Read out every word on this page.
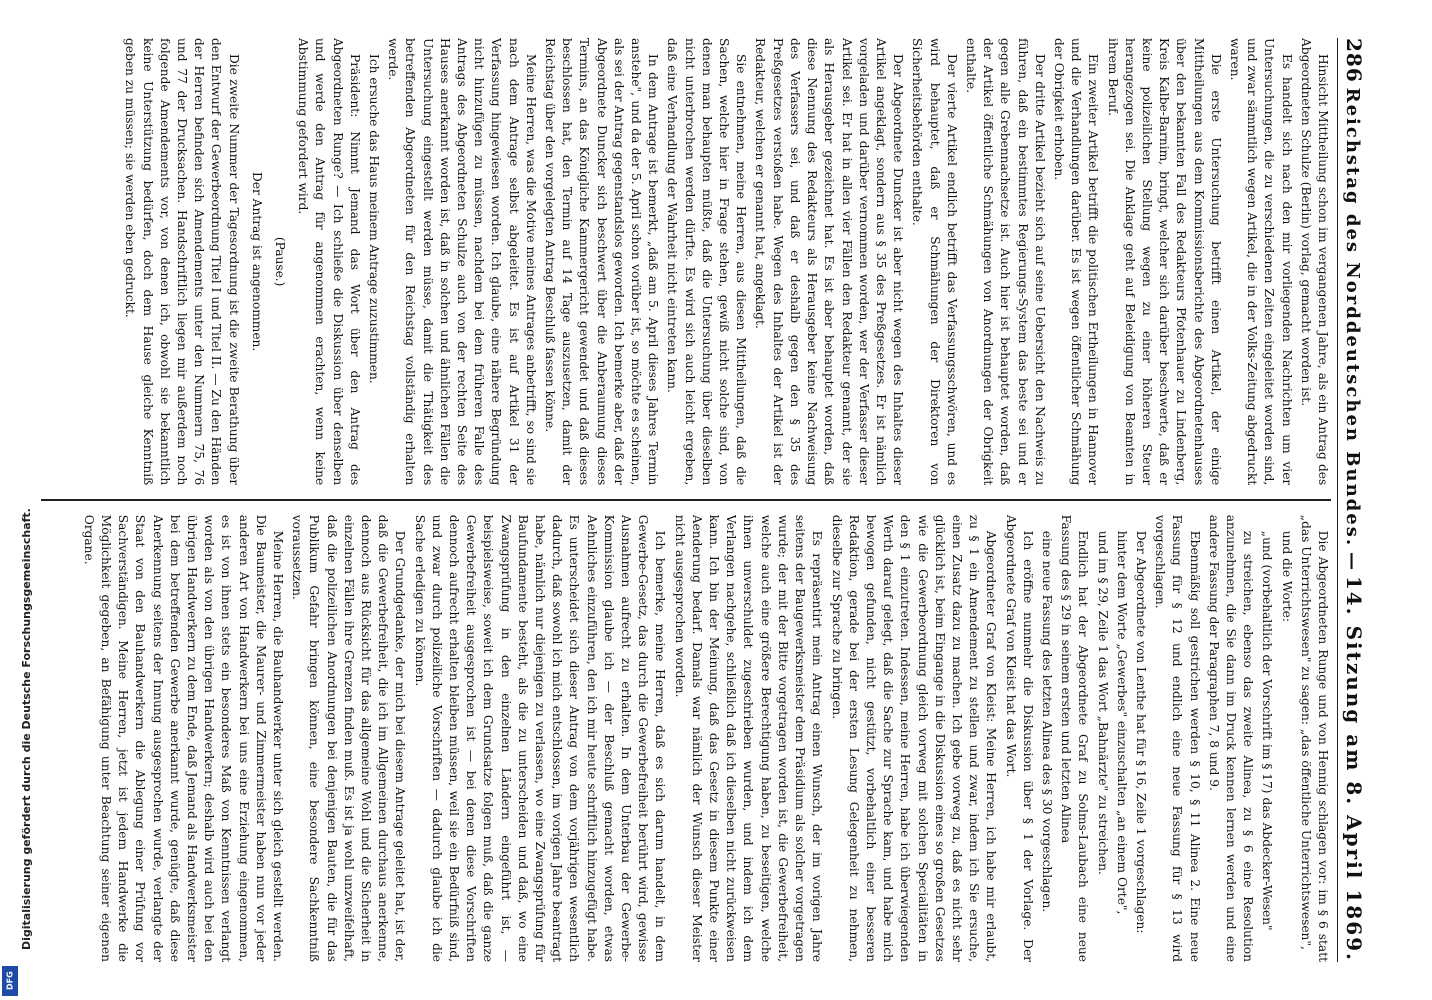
286
Reichstag des Norddeutschen Bundes.
—
14. Sitzung am 8. April 1869.

Hinsicht Mittheilung schon im vergangenen Jahre, als ein Antrag des Abgeordneten Schulze (Berlin) vorlag, gemacht worden ist.

Es handelt sich nach den mir vorliegenden Nachrichten um vier Untersuchungen, die zu verschiedenen Zeiten eingeleitet worden sind, und zwar sämmtlich wegen Artikel, die in der Volks-Zeitung abgedruckt waren.

Die erste Untersuchung betrifft einen Artikel, der einige Mittheilungen aus dem Kommissionsberichte des Abgeordnetenhauses über den bekannten Fall des Redakteurs Pfotenhauer zu Lindenberg, Kreis Kalbe-Barnim, bringt, welcher sich darüber beschwerte, daß er keine polizeilichen Stellung wegen zu einer höheren Steuer herangezogen sei. Die Anklage geht auf Beleidigung von Beamten in ihrem Beruf.

Ein zweiter Artikel betrifft die politischen Ertheilungen in Hannover und die Verhandlungen darüber. Es ist wegen öffentlicher Schmähung der Obrigkeit erhoben.

Der dritte Artikel bezieht sich auf seine Uebersicht den Nachweis zu führen, daß ein bestimmtes Regierungs-System das beste sei und er gegen alle Grebennachsetze ist. Auch hier ist behauptet worden, daß der Artikel öffentliche Schmähungen von Anordnungen der Obrigkeit enthalte.

Der vierte Artikel endlich betrifft das Verfassungsschwören, und es wird behauptet, daß er Schmähungen der Direktoren von Sicherheitsbehörden enthalte.

Der Abgeordnete Duncker ist aber nicht wegen des Inhaltes dieser Artikel angeklagt, sondern aus § 35 des Preßgesetzes. Er ist nämlich vorgeladen und darüber vernommen worden, wer der Verfasser dieser Artikel sei. Er hat in allen vier Fällen den Redakteur genannt, der sie als Herausgeber gezeichnet hat. Es ist aber behauptet worden, daß diese Nennung des Redakteurs als Herausgeber keine Nachweisung des Verfassers sei, und daß er deshalb gegen den § 35 des Preßgesetzes verstoßen habe. Wegen des Inhaltes der Artikel ist der Redakteur, welchen er genannt hat, angeklagt.

Sie entnehmen, meine Herren, aus diesen Mittheilungen, daß die Sachen, welche hier in Frage stehen, gewiß nicht solche sind, von denen man behaupten müßte, daß die Untersuchung über dieselben nicht unterbrochen werden dürfte. Es wird sich auch leicht ergeben, daß eine Verhandlung der Wahrheit nicht eintreten kann.

In dem Antrage ist bemerkt, „daß am 5. April dieses Jahres Termin anstehe", und da der 5. April schon vorüber ist, so möchte es scheinen, als sei der Antrag gegenstandslos geworden. Ich bemerke aber, daß der Abgeordnete Duncker sich beschwert über die Anberaumung dieses Termins, an das Königliche Kammergericht gewendet und daß dieses beschlossen hat, den Termin auf 14 Tage auszusetzen, damit der Reichstag über den vorgelegten Antrag Beschluß fassen könne.

Meine Herren, was die Motive meines Antrages anbetrifft, so sind sie nach dem Antrage selbst abgeleitet. Es ist auf Artikel 31 der Verfassung hingewiesen worden. Ich glaube, eine nähere Begründung nicht hinzufügen zu müssen, nachdem bei dem früheren Falle des Antrags des Abgeordneten Schulze auch von der rechten Seite des Hauses anerkannt worden ist, daß in solchen und ähnlichen Fällen die Untersuchung eingestellt werden müsse, damit die Thätigkeit des betreffenden Abgeordneten für den Reichstag vollständig erhalten werde.

Ich ersuche das Haus meinem Antrage zuzustimmen.

Präsident: Nimmt Jemand das Wort über den Antrag des Abgeordneten Runge? — Ich schließe die Diskussion über denselben und werde den Antrag für angenommen erachten, wenn keine Abstimmung gefordert wird.

(Pause.)

Der Antrag ist angenommen.

Die zweite Nummer der Tagesordnung ist die zweite Berathung über den Entwurf der Gewerbeordnung Titel I und Titel II. — Zu den Händen der Herren befinden sich Amendements unter den Nummern 75, 76 und 77 der Drucksachen. Handschriftlich liegen mir außerdem noch folgende Amendements vor, von denen ich, obwohl sie bekanntlich keine Unterstützung bedürfen, doch dem Hause gleiche Kenntniß geben zu müssen; sie werden eben gedruckt.

Die Abgeordneten Runge und von Hennig schlagen vor: im § 6 statt „das Unterrichtswesen" zu sagen: „das öffentliche Unterrichtswesen",

und die Worte:

„und (vorbehaltlich der Vorschrift im § 17) das Abdecker-Wesen"

zu streichen, ebenso das zweite Alinea, zu § 6 eine Resolution anzunehmen, die Sie dann im Druck kennen lernen werden und eine andere Fassung der Paragraphen 7, 8 und 9.

Ebenmäßig soll gestrichen werden § 10, § 11 Alinea 2. Eine neue Fassung für § 12 und endlich eine neue Fassung für § 13 wird vorgeschlagen.

Der Abgeordnete von Lenthe hat für § 16, Zeile 1 vorgeschlagen:

hinter dem Worte „Gewerbes" einzuschalten „an einem Orte",

und im § 29, Zeile 1 das Wort „Bahnärzte" zu streichen.

Endlich hat der Abgeordnete Graf zu Solms-Laubach eine neue Fassung des § 29 in seinem ersten und letzten Alinea

eine neue Fassung des letzten Alinea des § 30 vorgeschlagen.

Ich eröffne nunmehr die Diskussion über § 1 der Vorlage. Der Abgeordnete Graf von Kleist hat das Wort.

Abgeordneter Graf von Kleist: Meine Herren, ich habe mir erlaubt, zu § 1 ein Amendement zu stellen und zwar, indem ich Sie ersuche, einen Zusatz dazu zu machen. Ich gebe vorweg zu, daß es nicht sehr glücklich ist, beim Eingange in die Diskussion eines so großen Gesetzes wie die Gewerbeordnung gleich vorweg mit solchen Specialitäten in den § 1 einzutreten. Indessen, meine Herren, habe ich überwiegenden Werth darauf gelegt, daß die Sache zur Sprache kam, und habe mich bewogen gefunden, nicht gestützt, vorbehaltlich einer besseren Redaktion, gerade bei der ersten Lesung Gelegenheit zu nehmen, dieselbe zur Sprache zu bringen.

Es repräsentirt mein Antrag einen Wunsch, der im vorigen Jahre seitens der Baugewerksmeister dem Präsidium als solcher vorgetragen wurde; der mit der Bitte vorgetragen worden ist, die Gewerbefreiheit, welche auch eine größere Berechtigung haben, zu beseitigen, welche ihnen unverschuldet zugeschrieben wurden, und indem ich dem Verlangen nachgehe, schließlich daß ich dieselben nicht zurückweisen kann. Ich bin der Meinung, daß das Gesetz in diesem Punkte einer Aenderung bedarf. Damals war nämlich der Wunsch dieser Meister nicht ausgesprochen worden.

Ich bemerke, meine Herren, daß es sich darum handelt, in dem Gewerbe-Gesetz, das durch die Gewerbefreiheit berührt wird, gewisse Ausnahmen aufrecht zu erhalten. In dem Unterbau der Gewerbe-Kommission glaube ich — der Beschluß gemacht worden, etwas Aehnliches einzuführen, den ich mir heute schriftlich hinzugefügt habe. Es unterscheidet sich dieser Antrag von dem vorjährigen wesentlich dadurch, daß sowohl ich mich entschlossen, im vorigen Jahre beantragt habe, nämlich nur diejenigen zu verlassen, wo eine Zwangsprüfung für Baufundamente besteht, als die zu unterscheiden und daß, wo eine Zwangsprüfung in den einzelnen Ländern eingeführt ist, — beispielsweise, soweit ich dem Grundsatze folgen muß, daß die ganze Gewerbefreiheit ausgesprochen ist — bei denen diese Vorschriften dennoch aufrecht erhalten bleiben müssen, weil sie ein Bedürfniß sind, und zwar durch polizeiliche Vorschriften — dadurch glaube ich die Sache erledigen zu können.

Der Grundgedanke, der mich bei diesem Antrage geleitet hat, ist der, daß die Gewerbefreiheit, die ich im Allgemeinen durchaus anerkenne, dennoch aus Rücksicht für das allgemeine Wohl und die Sicherheit in einzelnen Fällen ihre Grenzen finden muß. Es ist ja wohl unzweifelhaft, daß die polizeilichen Anordnungen bei denjenigen Bauten, die für das Publikum Gefahr bringen können, eine besondere Sachkenntniß voraussetzen.

Meine Herren, die Bauhandwerker unter sich gleich gestellt werden. Die Baumeister, die Maurer- und Zimmermeister haben nun vor jeder anderen Art von Handwerkern bei uns eine Erziehung eingenommen, es ist von ihnen stets ein besonderes Maß von Kenntnissen verlangt worden als von den übrigen Handwerkern; deshalb wird auch bei den übrigen Handwerkern zu dem Ende, daß Jemand als Handwerksmeister bei dem betreffenden Gewerbe anerkannt wurde, genügte, daß diese Anerkennung seitens der Innung ausgesprochen wurde, verlangte der Staat von den Bauhandwerkern die Ablegung einer Prüfung vor Sachverständigen. Meine Herren, jetzt ist jedem Handwerke die Möglichkeit gegeben, an Befähigung unter Beachtung seiner eigenen Organe.

Digitalisierung gefördert durch die Deutsche Forschungsgemeinschaft.
DFG
